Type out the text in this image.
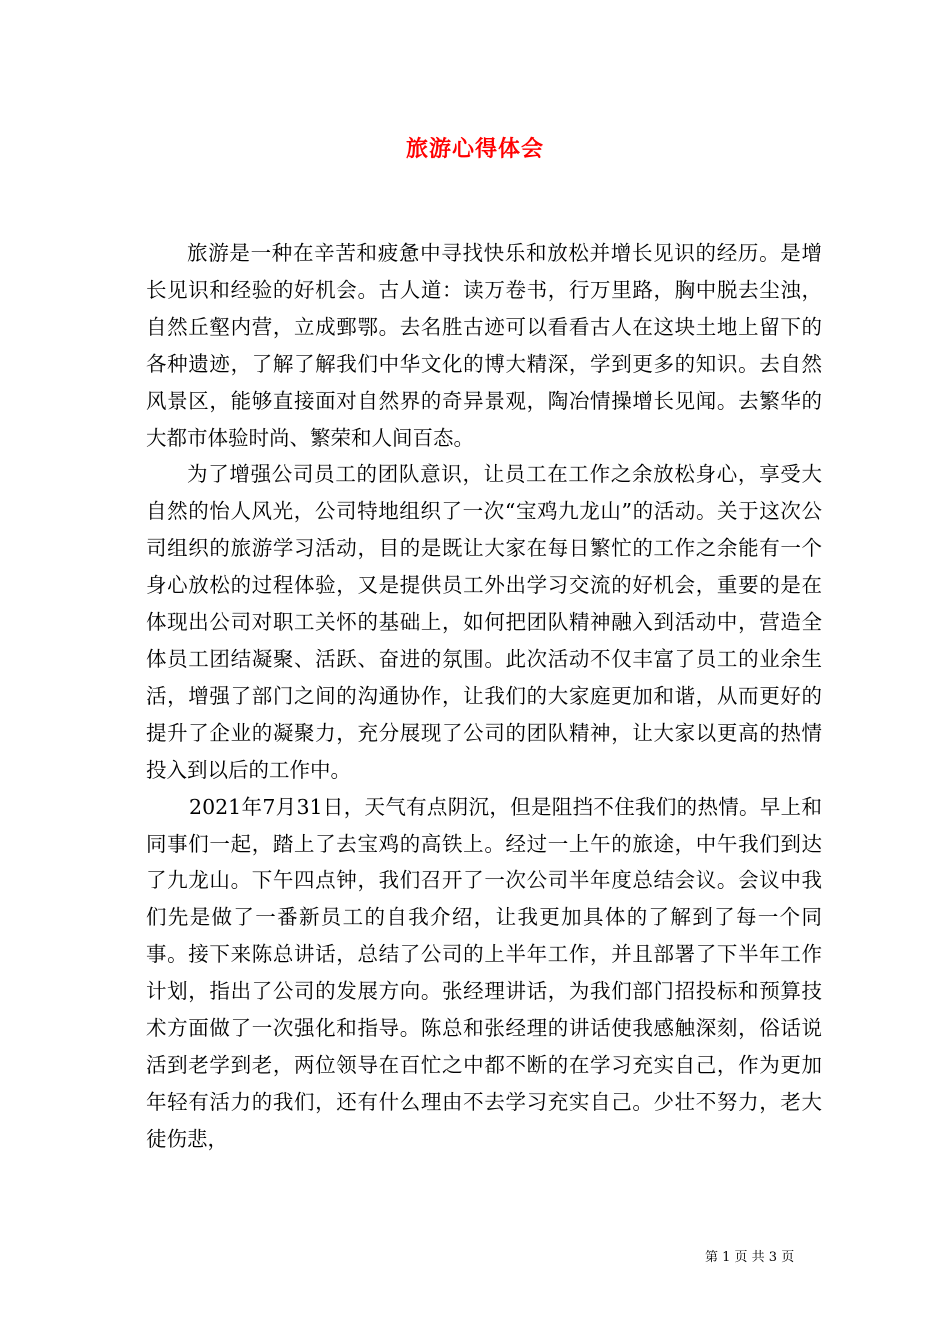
旅游心得体会

旅游是一种在辛苦和疲惫中寻找快乐和放松并增长见识的经历。是增长见识和经验的好机会。古人道：读万卷书，行万里路，胸中脱去尘浊，自然丘壑内营，立成鄄鄂。去名胜古迹可以看看古人在这块土地上留下的各种遗迹，了解了解我们中华文化的博大精深，学到更多的知识。去自然风景区，能够直接面对自然界的奇异景观，陶冶情操增长见闻。去繁华的大都市体验时尚、繁荣和人间百态。

为了增强公司员工的团队意识，让员工在工作之余放松身心，享受大自然的怡人风光，公司特地组织了一次“宝鸡九龙山”的活动。关于这次公司组织的旅游学习活动，目的是既让大家在每日繁忙的工作之余能有一个身心放松的过程体验，又是提供员工外出学习交流的好机会，重要的是在体现出公司对职工关怀的基础上，如何把团队精神融入到活动中，营造全体员工团结凝聚、活跃、奋进的氛围。此次活动不仅丰富了员工的业余生活，增强了部门之间的沟通协作，让我们的大家庭更加和谐，从而更好的提升了企业的凝聚力，充分展现了公司的团队精神，让大家以更高的热情投入到以后的工作中。

2021年7月31日，天气有点阴沉，但是阻挡不住我们的热情。早上和同事们一起，踏上了去宝鸡的高铁上。经过一上午的旅途，中午我们到达了九龙山。下午四点钟，我们召开了一次公司半年度总结会议。会议中我们先是做了一番新员工的自我介绍，让我更加具体的了解到了每一个同事。接下来陈总讲话，总结了公司的上半年工作，并且部署了下半年工作计划，指出了公司的发展方向。张经理讲话，为我们部门招投标和预算技术方面做了一次强化和指导。陈总和张经理的讲话使我感触深刻，俗话说活到老学到老，两位领导在百忙之中都不断的在学习充实自己，作为更加年轻有活力的我们，还有什么理由不去学习充实自己。少壮不努力，老大徒伤悲，

第 1 页 共 3 页
